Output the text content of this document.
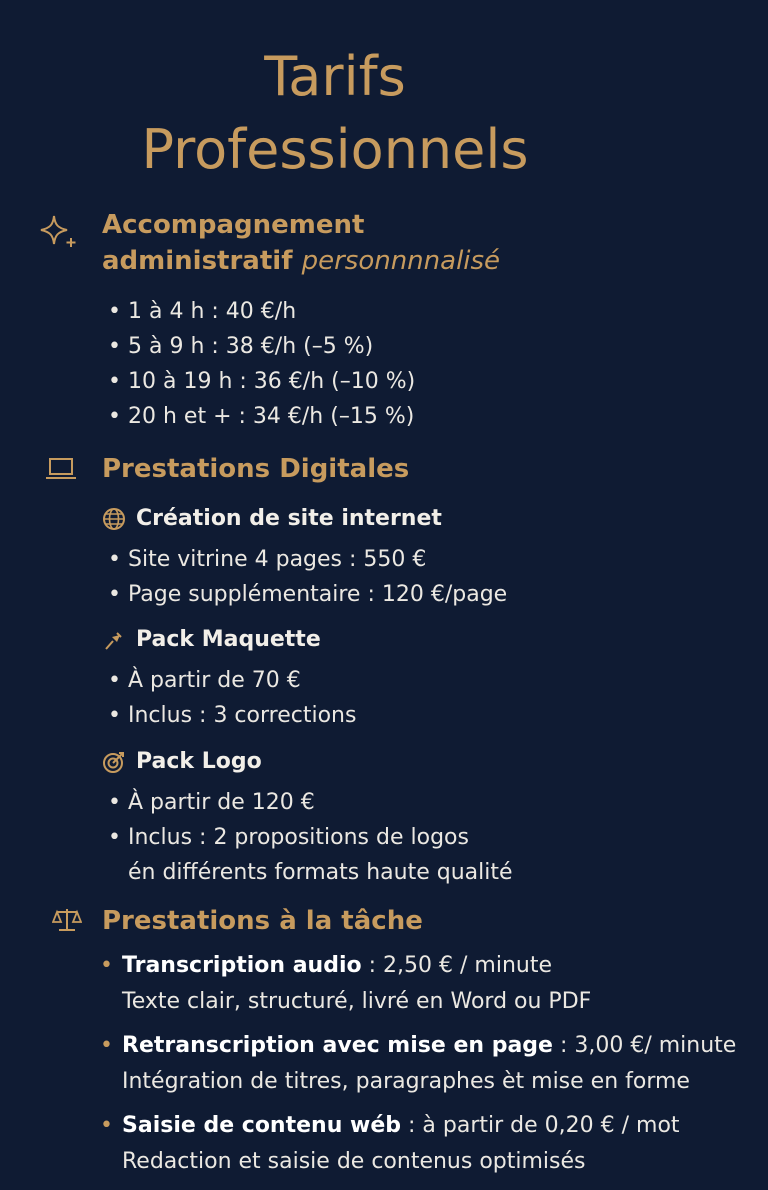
Tarifs
Professionnels
Accompagnement
administratif personnnnalisé
• 1 à 4 h : 40 €/h
• 5 à 9 h : 38 €/h (–5 %)
• 10 à 19 h : 36 €/h (–10 %)
• 20 h et + : 34 €/h (–15 %)
Prestations Digitales
Création de site internet
• Site vitrine 4 pages : 550 €
• Page supplémentaire : 120 €/page
Pack Maquette
• À partir de 70 €
• Inclus : 3 corrections
Pack Logo
• À partir de 120 €
• Inclus : 2 propositions de logos
én différents formats haute qualité
Prestations à la tâche
• Transcription audio : 2,50 € / minute
Texte clair, structuré, livré en Word ou PDF
• Retranscription avec mise en page : 3,00 €/ minute
Intégration de titres, paragraphes èt mise en forme
• Saisie de contenu wéb : à partir de 0,20 € / mot
Redaction et saisie de contenus optimisés
